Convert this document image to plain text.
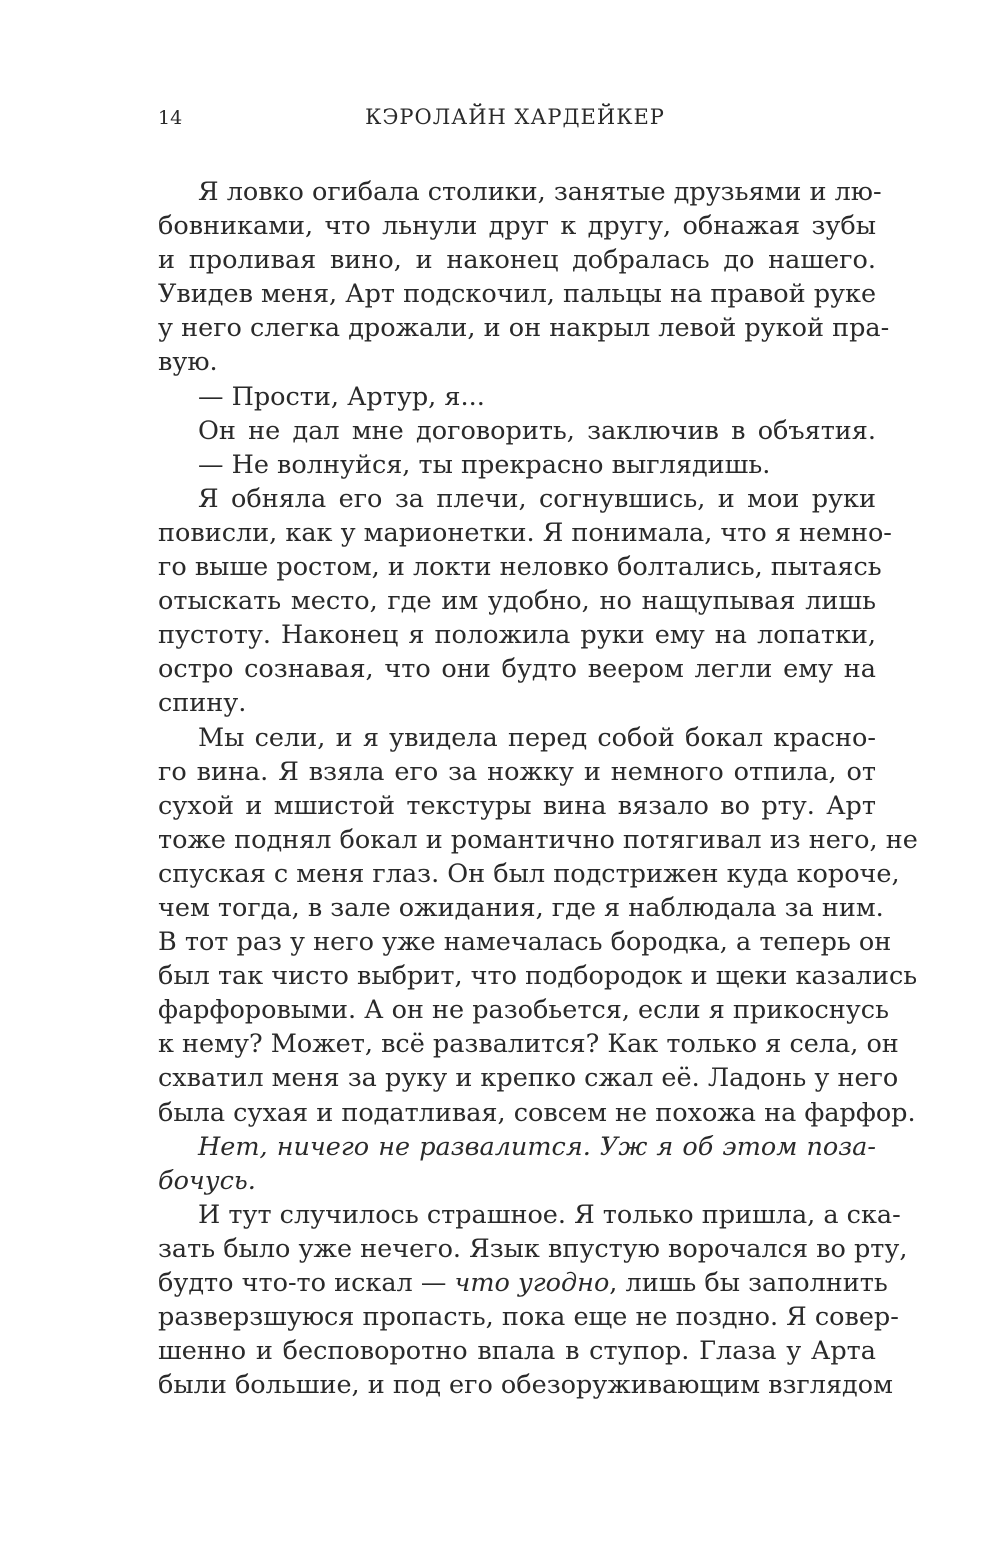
14	КЭРОЛАЙН ХАРДЕЙКЕР
Я ловко огибала столики, занятые друзьями и лю-
бовниками, что льнули друг к другу, обнажая зубы
и проливая вино, и наконец добралась до нашего.
Увидев меня, Арт подскочил, пальцы на правой руке
у него слегка дрожали, и он накрыл левой рукой пра-
вую.
— Прости, Артур, я...
Он не дал мне договорить, заключив в объятия.
— Не волнуйся, ты прекрасно выглядишь.
Я обняла его за плечи, согнувшись, и мои руки
повисли, как у марионетки. Я понимала, что я немно-
го выше ростом, и локти неловко болтались, пытаясь
отыскать место, где им удобно, но нащупывая лишь
пустоту. Наконец я положила руки ему на лопатки,
остро сознавая, что они будто веером легли ему на
спину.
Мы сели, и я увидела перед собой бокал красно-
го вина. Я взяла его за ножку и немного отпила, от
сухой и мшистой текстуры вина вязало во рту. Арт
тоже поднял бокал и романтично потягивал из него, не
спуская с меня глаз. Он был подстрижен куда короче,
чем тогда, в зале ожидания, где я наблюдала за ним.
В тот раз у него уже намечалась бородка, а теперь он
был так чисто выбрит, что подбородок и щеки казались
фарфоровыми. А он не разобьется, если я прикоснусь
к нему? Может, всё развалится? Как только я села, он
схватил меня за руку и крепко сжал её. Ладонь у него
была сухая и податливая, совсем не похожа на фарфор.
Нет, ничего не развалится. Уж я об этом поза-
бочусь.
И тут случилось страшное. Я только пришла, а ска-
зать было уже нечего. Язык впустую ворочался во рту,
будто что-то искал — что угодно, лишь бы заполнить
разверзшуюся пропасть, пока еще не поздно. Я совер-
шенно и бесповоротно впала в ступор. Глаза у Арта
были большие, и под его обезоруживающим взглядом
